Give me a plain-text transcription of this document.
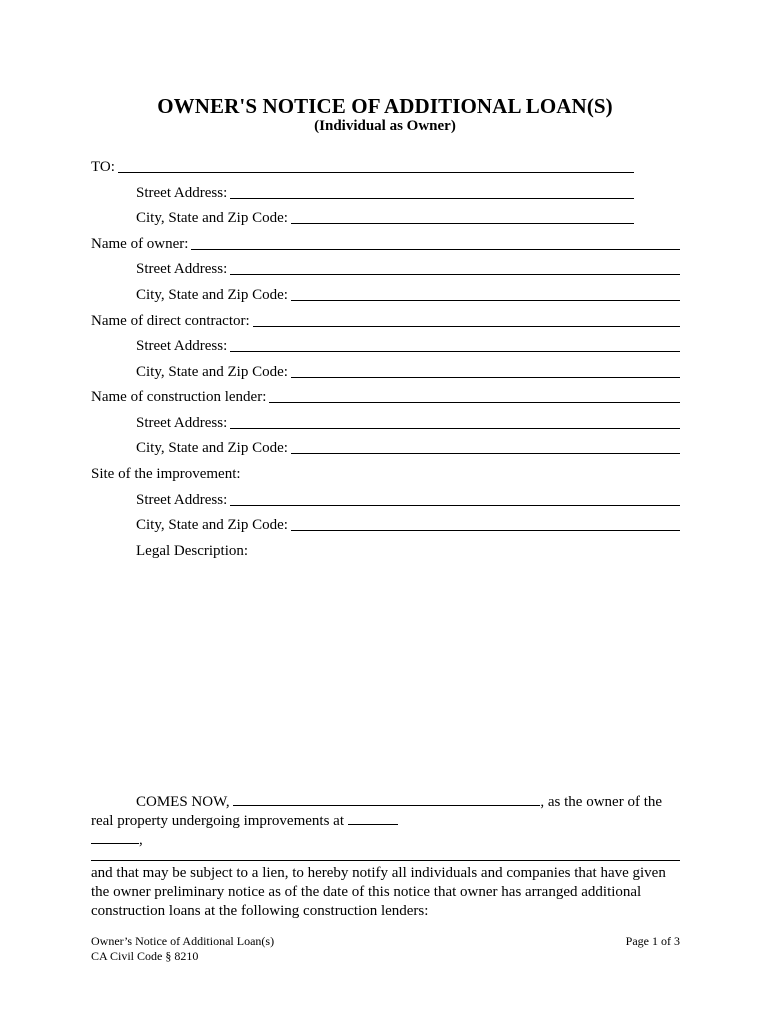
OWNER'S NOTICE OF ADDITIONAL LOAN(S)
(Individual as Owner)
TO:
Street Address:
City, State and Zip Code:
Name of owner:
Street Address:
City, State and Zip Code:
Name of direct contractor:
Street Address:
City, State and Zip Code:
Name of construction lender:
Street Address:
City, State and Zip Code:
Site of the improvement:
Street Address:
City, State and Zip Code:
Legal Description:
COMES NOW,	, as the owner of the
real property undergoing improvements at
,
and that may be subject to a lien, to hereby notify all individuals and companies that have given the owner preliminary notice as of the date of this notice that owner has arranged additional construction loans at the following construction lenders:
Owner’s Notice of Additional Loan(s)
CA Civil Code § 8210
Page 1 of 3
